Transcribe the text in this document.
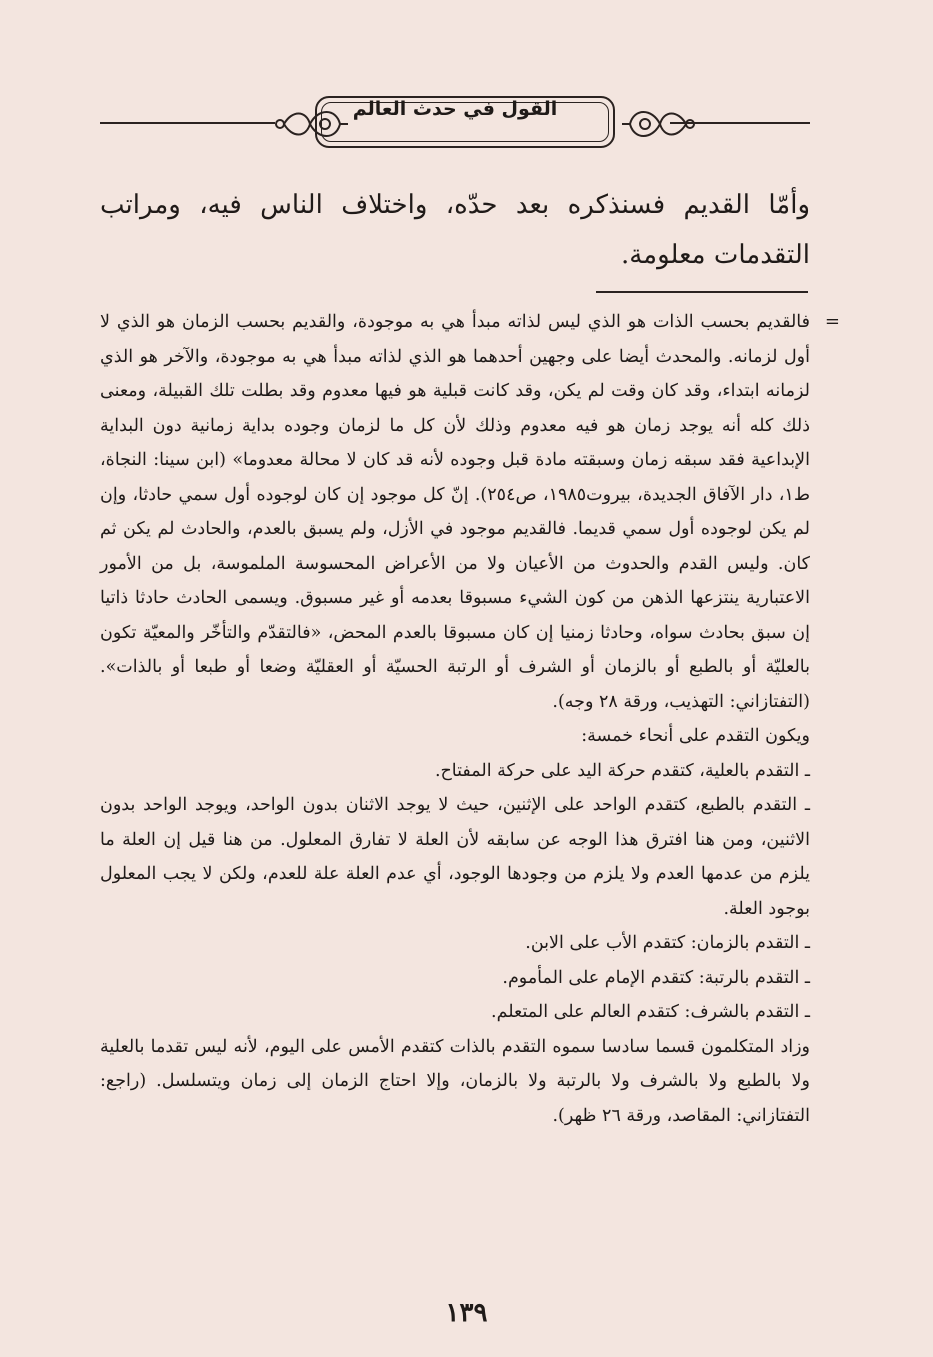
القول في حدث العالم

وأمّا القديم فسنذكره بعد حدّه، واختلاف الناس فيه، ومراتب التقدمات معلومة.

=

فالقديم بحسب الذات هو الذي ليس لذاته مبدأ هي به موجودة، والقديم بحسب الزمان هو الذي لا أول لزمانه. والمحدث أيضا على وجهين أحدهما هو الذي لذاته مبدأ هي به موجودة، والآخر هو الذي لزمانه ابتداء، وقد كان وقت لم يكن، وقد كانت قبلية هو فيها معدوم وقد بطلت تلك القبيلة، ومعنى ذلك كله أنه يوجد زمان هو فيه معدوم وذلك لأن كل ما لزمان وجوده بداية زمانية دون البداية الإبداعية فقد سبقه زمان وسبقته مادة قبل وجوده لأنه قد كان لا محالة معدوما» (ابن سينا: النجاة، ط١، دار الآفاق الجديدة، بيروت١٩٨٥، ص٢٥٤). إنّ كل موجود إن كان لوجوده أول سمي حادثا، وإن لم يكن لوجوده أول سمي قديما. فالقديم موجود في الأزل، ولم يسبق بالعدم، والحادث لم يكن ثم كان. وليس القدم والحدوث من الأعيان ولا من الأعراض المحسوسة الملموسة، بل من الأمور الاعتبارية ينتزعها الذهن من كون الشيء مسبوقا بعدمه أو غير مسبوق. ويسمى الحادث حادثا ذاتيا إن سبق بحادث سواه، وحادثا زمنيا إن كان مسبوقا بالعدم المحض، «فالتقدّم والتأخّر والمعيّة تكون بالعليّة أو بالطبع أو بالزمان أو الشرف أو الرتبة الحسيّة أو العقليّة وضعا أو طبعا أو بالذات». (التفتازاني: التهذيب، ورقة ٢٨ وجه).

ويكون التقدم على أنحاء خمسة:

ـ التقدم بالعلية، كتقدم حركة اليد على حركة المفتاح.

ـ التقدم بالطبع، كتقدم الواحد على الإثنين، حيث لا يوجد الاثنان بدون الواحد، ويوجد الواحد بدون الاثنين، ومن هنا افترق هذا الوجه عن سابقه لأن العلة لا تفارق المعلول. من هنا قيل إن العلة ما يلزم من عدمها العدم ولا يلزم من وجودها الوجود، أي عدم العلة علة للعدم، ولكن لا يجب المعلول بوجود العلة.

ـ التقدم بالزمان: كتقدم الأب على الابن.

ـ التقدم بالرتبة: كتقدم الإمام على المأموم.

ـ التقدم بالشرف: كتقدم العالم على المتعلم.

وزاد المتكلمون قسما سادسا سموه التقدم بالذات كتقدم الأمس على اليوم، لأنه ليس تقدما بالعلية ولا بالطبع ولا بالشرف ولا بالرتبة ولا بالزمان، وإلا احتاج الزمان إلى زمان ويتسلسل. (راجع: التفتازاني: المقاصد، ورقة ٢٦ ظهر).

١٣٩
